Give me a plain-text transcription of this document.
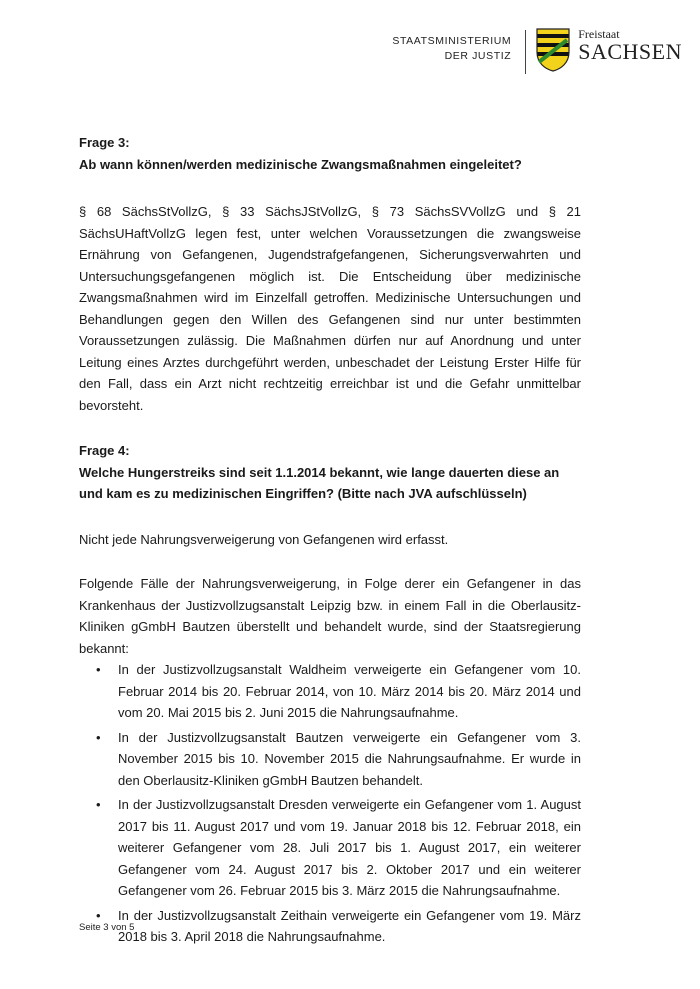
STAATSMINISTERIUM
DER JUSTIZ
Freistaat
SACHSEN
Frage 3:
Ab wann können/werden medizinische Zwangsmaßnahmen eingeleitet?

§ 68 SächsStVollzG, § 33 SächsJStVollzG, § 73 SächsSVVollzG und § 21 SächsUHaftVollzG legen fest, unter welchen Voraussetzungen die zwangsweise Ernährung von Gefangenen, Jugendstrafgefangenen, Sicherungsverwahrten und Untersuchungsgefangenen möglich ist. Die Entscheidung über medizinische Zwangsmaßnahmen wird im Einzelfall getroffen. Medizinische Untersuchungen und Behandlungen gegen den Willen des Gefangenen sind nur unter bestimmten Voraussetzungen zulässig. Die Maßnahmen dürfen nur auf Anordnung und unter Leitung eines Arztes durchgeführt werden, unbeschadet der Leistung Erster Hilfe für den Fall, dass ein Arzt nicht rechtzeitig erreichbar ist und die Gefahr unmittelbar bevorsteht.

Frage 4:
Welche Hungerstreiks sind seit 1.1.2014 bekannt, wie lange dauerten diese an und kam es zu medizinischen Eingriffen? (Bitte nach JVA aufschlüsseln)

Nicht jede Nahrungsverweigerung von Gefangenen wird erfasst.

Folgende Fälle der Nahrungsverweigerung, in Folge derer ein Gefangener in das Krankenhaus der Justizvollzugsanstalt Leipzig bzw. in einem Fall in die Oberlausitz-Kliniken gGmbH Bautzen überstellt und behandelt wurde, sind der Staatsregierung bekannt:

• In der Justizvollzugsanstalt Waldheim verweigerte ein Gefangener vom 10. Februar 2014 bis 20. Februar 2014, von 10. März 2014 bis 20. März 2014 und vom 20. Mai 2015 bis 2. Juni 2015 die Nahrungsaufnahme.
• In der Justizvollzugsanstalt Bautzen verweigerte ein Gefangener vom 3. November 2015 bis 10. November 2015 die Nahrungsaufnahme. Er wurde in den Oberlausitz-Kliniken gGmbH Bautzen behandelt.
• In der Justizvollzugsanstalt Dresden verweigerte ein Gefangener vom 1. August 2017 bis 11. August 2017 und vom 19. Januar 2018 bis 12. Februar 2018, ein weiterer Gefangener vom 28. Juli 2017 bis 1. August 2017, ein weiterer Gefangener vom 24. August 2017 bis 2. Oktober 2017 und ein weiterer Gefangener vom 26. Februar 2015 bis 3. März 2015 die Nahrungsaufnahme.
• In der Justizvollzugsanstalt Zeithain verweigerte ein Gefangener vom 19. März 2018 bis 3. April 2018 die Nahrungsaufnahme.
Seite 3 von 5
